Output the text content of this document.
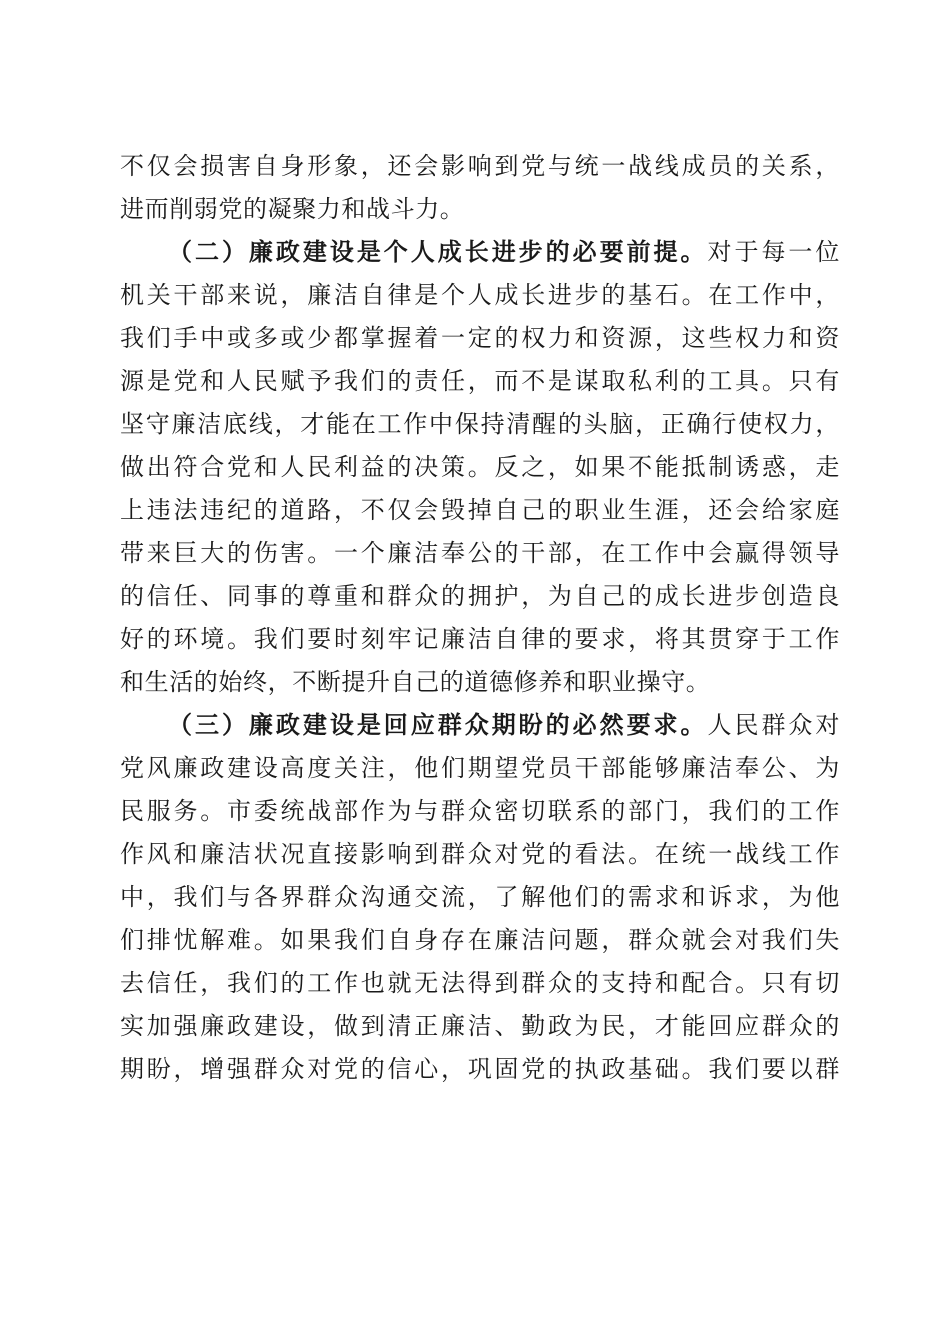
不仅会损害自身形象，还会影响到党与统一战线成员的关系，
进而削弱党的凝聚力和战斗力。
（二）廉政建设是个人成长进步的必要前提。对于每一位
机关干部来说，廉洁自律是个人成长进步的基石。在工作中，
我们手中或多或少都掌握着一定的权力和资源，这些权力和资
源是党和人民赋予我们的责任，而不是谋取私利的工具。只有
坚守廉洁底线，才能在工作中保持清醒的头脑，正确行使权力，
做出符合党和人民利益的决策。反之，如果不能抵制诱惑，走
上违法违纪的道路，不仅会毁掉自己的职业生涯，还会给家庭
带来巨大的伤害。一个廉洁奉公的干部，在工作中会赢得领导
的信任、同事的尊重和群众的拥护，为自己的成长进步创造良
好的环境。我们要时刻牢记廉洁自律的要求，将其贯穿于工作
和生活的始终，不断提升自己的道德修养和职业操守。
（三）廉政建设是回应群众期盼的必然要求。人民群众对
党风廉政建设高度关注，他们期望党员干部能够廉洁奉公、为
民服务。市委统战部作为与群众密切联系的部门，我们的工作
作风和廉洁状况直接影响到群众对党的看法。在统一战线工作
中，我们与各界群众沟通交流，了解他们的需求和诉求，为他
们排忧解难。如果我们自身存在廉洁问题，群众就会对我们失
去信任，我们的工作也就无法得到群众的支持和配合。只有切
实加强廉政建设，做到清正廉洁、勤政为民，才能回应群众的
期盼，增强群众对党的信心，巩固党的执政基础。我们要以群
